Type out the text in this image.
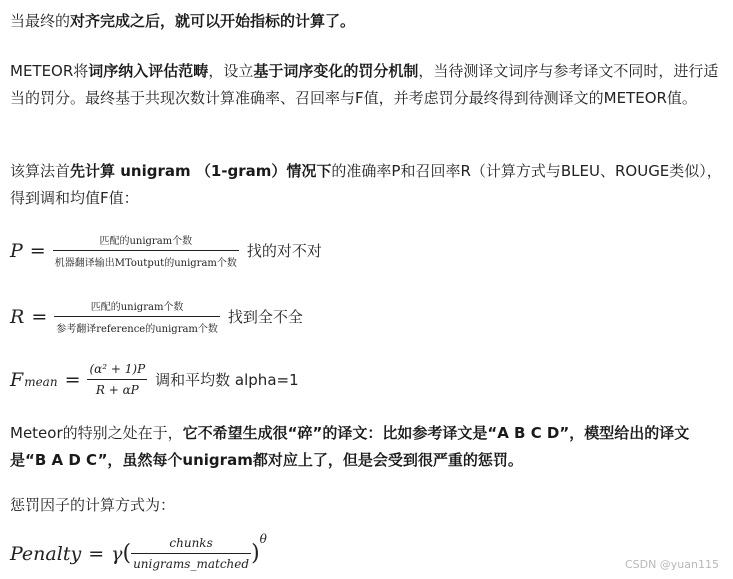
当最终的对齐完成之后，就可以开始指标的计算了。

METEOR将词序纳入评估范畴，设立基于词序变化的罚分机制，当待测译文词序与参考译文不同时，进行适当的罚分。最终基于共现次数计算准确率、召回率与F值，并考虑罚分最终得到待测译文的METEOR值。

该算法首先计算 unigram （1-gram）情况下的准确率P和召回率R（计算方式与BLEU、ROUGE类似），得到调和均值F值：

$P = \frac{\text{匹配的unigram个数}}{\text{机器翻译输出MToutput的unigram个数}}$ 找的对不对
$R = \frac{\text{匹配的unigram个数}}{\text{参考翻译reference的unigram个数}}$ 找到全不全
F mean = $\frac{\text{(α² + 1)P}}{R + \alpha P}$ 调和平均数 alpha=1

Meteor的特别之处在于，它不希望生成很“碎”的译文：比如参考译文是“A B C D”，模型给出的译文是“B A D C”，虽然每个unigram都对应上了，但是会受到很严重的惩罚。

惩罚因子的计算方式为：

Penalty = γ ( $\frac{\text{chunks}}{\text{unigrams\_matched}}$ )
θ
CSDN @yuan115
